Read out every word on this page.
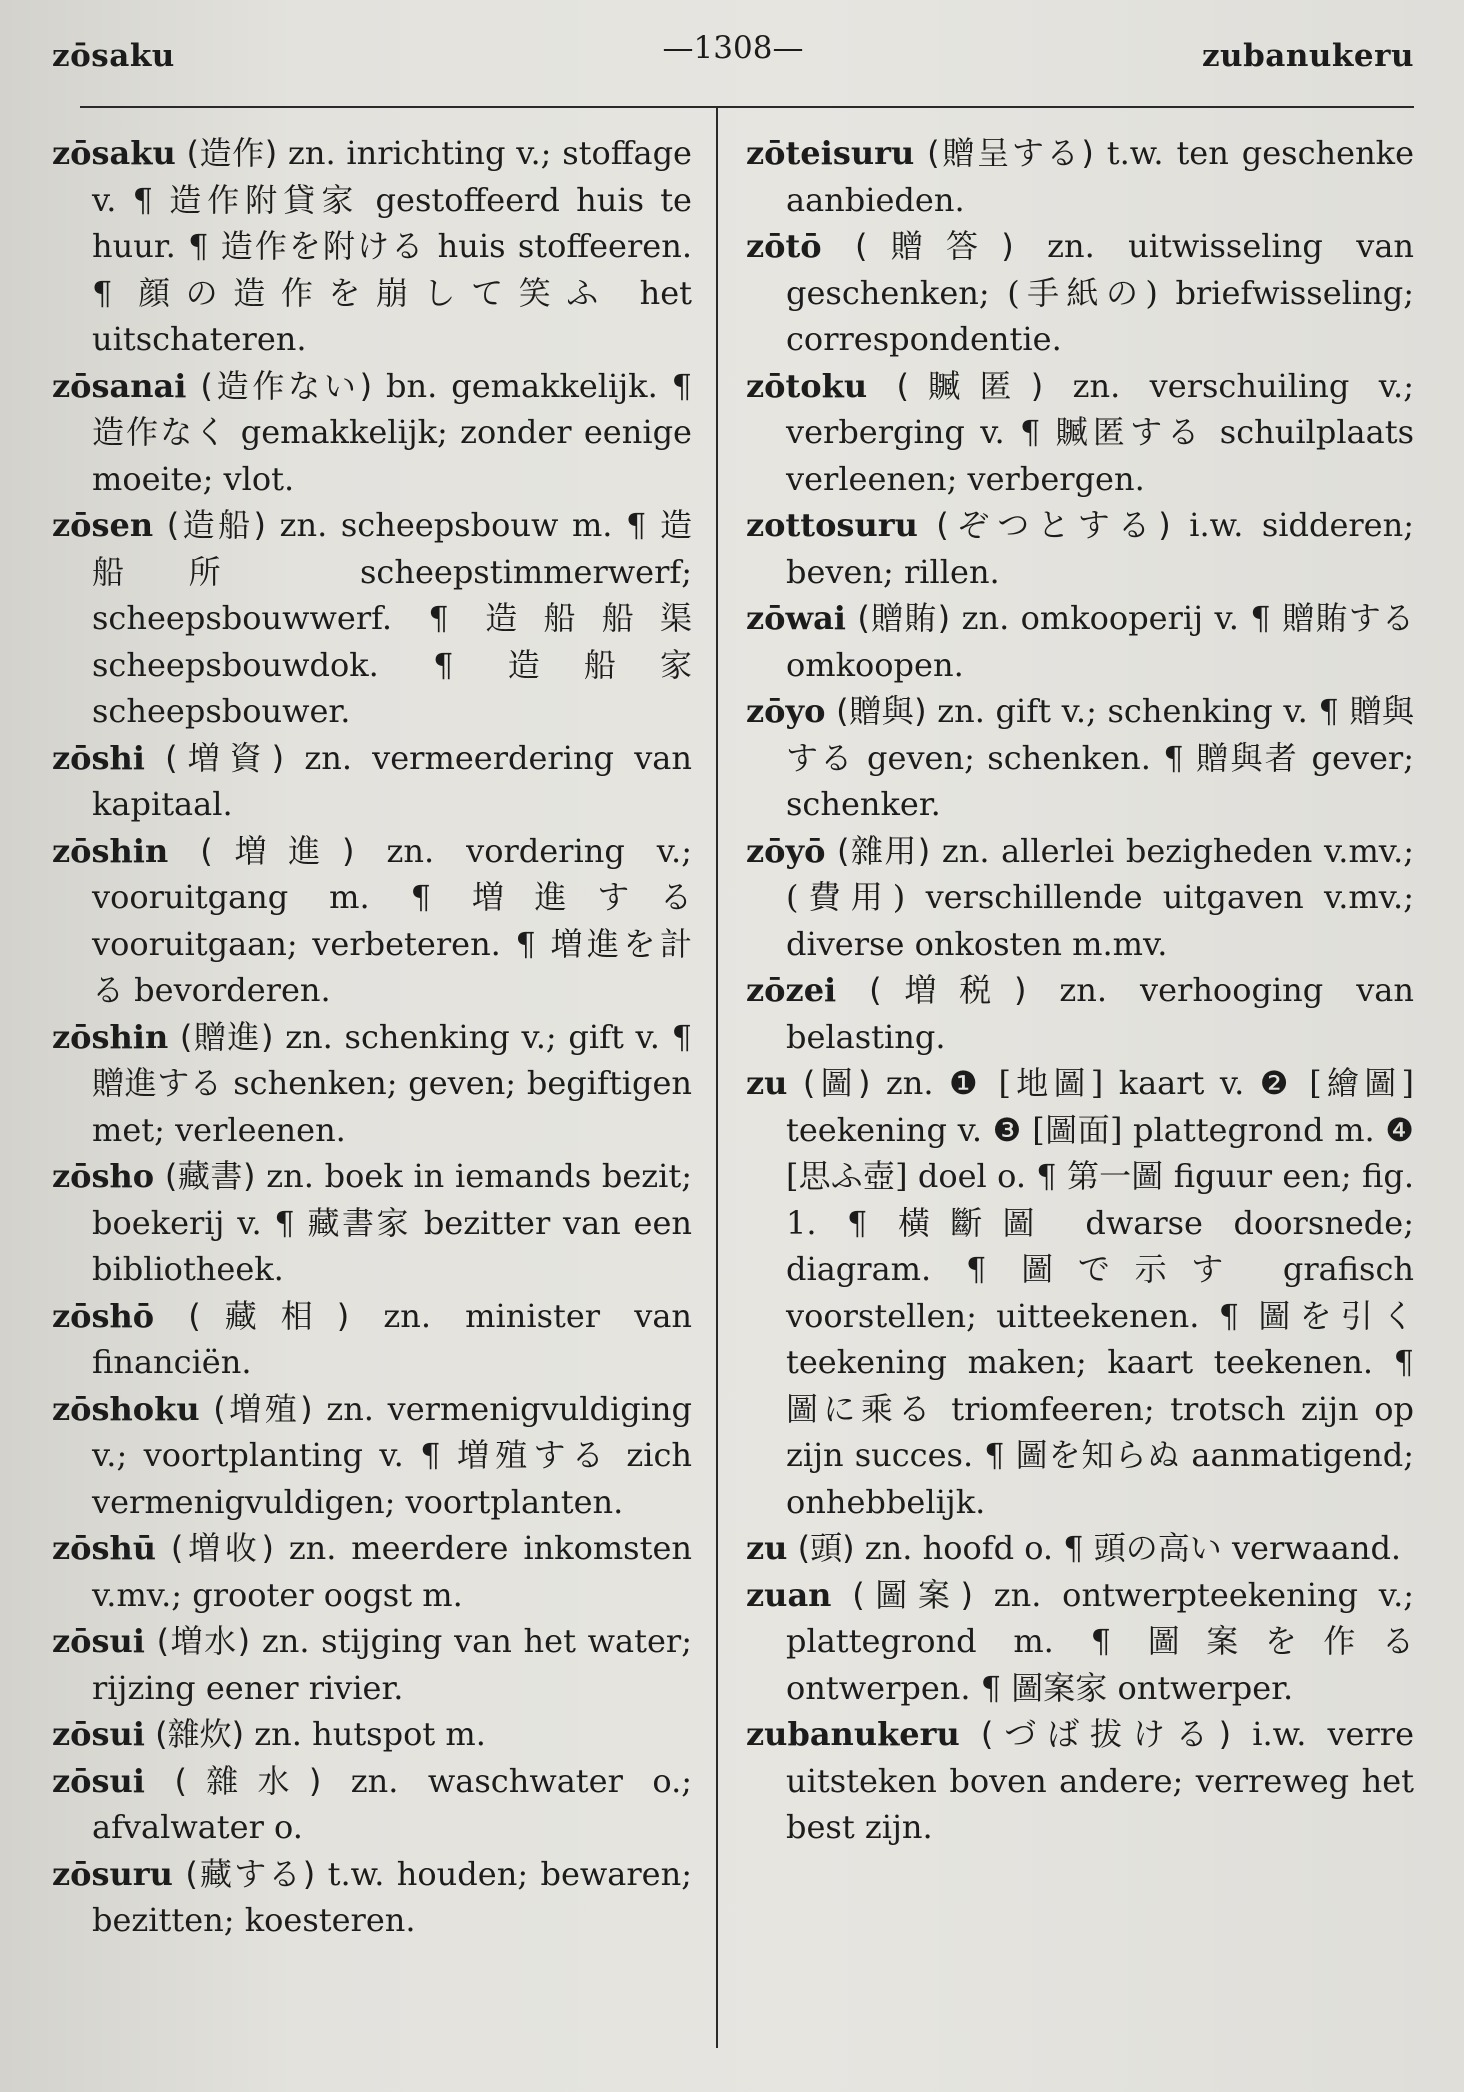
zōsaku	—1308—	zubanukeru

zōsaku (造作) zn. inrichting v.; stoffage v. ¶ 造作附貸家 gestoffeerd huis te huur. ¶ 造作を附ける huis stoffeeren. ¶ 顔の造作を崩して笑ふ het uitschateren.

zōsanai (造作ない) bn. gemakkelijk. ¶ 造作なく gemakkelijk; zonder eenige moeite; vlot.

zōsen (造船) zn. scheepsbouw m. ¶ 造船所 scheepstimmerwerf; scheepsbouwwerf. ¶ 造船船渠 scheepsbouwdok. ¶ 造船家 scheepsbouwer.

zōshi (増資) zn. vermeerdering van kapitaal.

zōshin (増進) zn. vordering v.; vooruitgang m. ¶ 増進する vooruitgaan; verbeteren. ¶ 増進を計る bevorderen.

zōshin (贈進) zn. schenking v.; gift v. ¶ 贈進する schenken; geven; begiftigen met; verleenen.

zōsho (藏書) zn. boek in iemands bezit; boekerij v. ¶ 藏書家 bezitter van een bibliotheek.

zōshō (藏相) zn. minister van financiën.

zōshoku (増殖) zn. vermenigvuldiging v.; voortplanting v. ¶ 増殖する zich vermenigvuldigen; voortplanten.

zōshū (増收) zn. meerdere inkomsten v.mv.; grooter oogst m.

zōsui (増水) zn. stijging van het water; rijzing eener rivier.

zōsui (雜炊) zn. hutspot m.

zōsui (雜水) zn. waschwater o.; afvalwater o.

zōsuru (藏する) t.w. houden; bewaren; bezitten; koesteren.

zōteisuru (贈呈する) t.w. ten geschenke aanbieden.

zōtō (贈答) zn. uitwisseling van geschenken; (手紙の) briefwisseling; correspondentie.

zōtoku (贓匿) zn. verschuiling v.; verberging v. ¶ 贓匿する schuilplaats verleenen; verbergen.

zottosuru (ぞつとする) i.w. sidderen; beven; rillen.

zōwai (贈賄) zn. omkooperij v. ¶ 贈賄する omkoopen.

zōyo (贈與) zn. gift v.; schenking v. ¶ 贈與する geven; schenken. ¶ 贈與者 gever; schenker.

zōyō (雜用) zn. allerlei bezigheden v.mv.; (費用) verschillende uitgaven v.mv.; diverse onkosten m.mv.

zōzei (増税) zn. verhooging van belasting.

zu (圖) zn. ❶ [地圖] kaart v. ❷ [繪圖] teekening v. ❸ [圖面] plattegrond m. ❹ [思ふ壺] doel o. ¶ 第一圖 figuur een; fig. 1. ¶ 橫斷圖 dwarse doorsnede; diagram. ¶ 圖で示す grafisch voorstellen; uitteekenen. ¶ 圖を引く teekening maken; kaart teekenen. ¶ 圖に乘る triomfeeren; trotsch zijn op zijn succes. ¶ 圖を知らぬ aanmatigend; onhebbelijk.

zu (頭) zn. hoofd o. ¶ 頭の高い verwaand.

zuan (圖案) zn. ontwerpteekening v.; plattegrond m. ¶ 圖案を作る ontwerpen. ¶ 圖案家 ontwerper.

zubanukeru (づば拔ける) i.w. verre uitsteken boven andere; verreweg het best zijn.
